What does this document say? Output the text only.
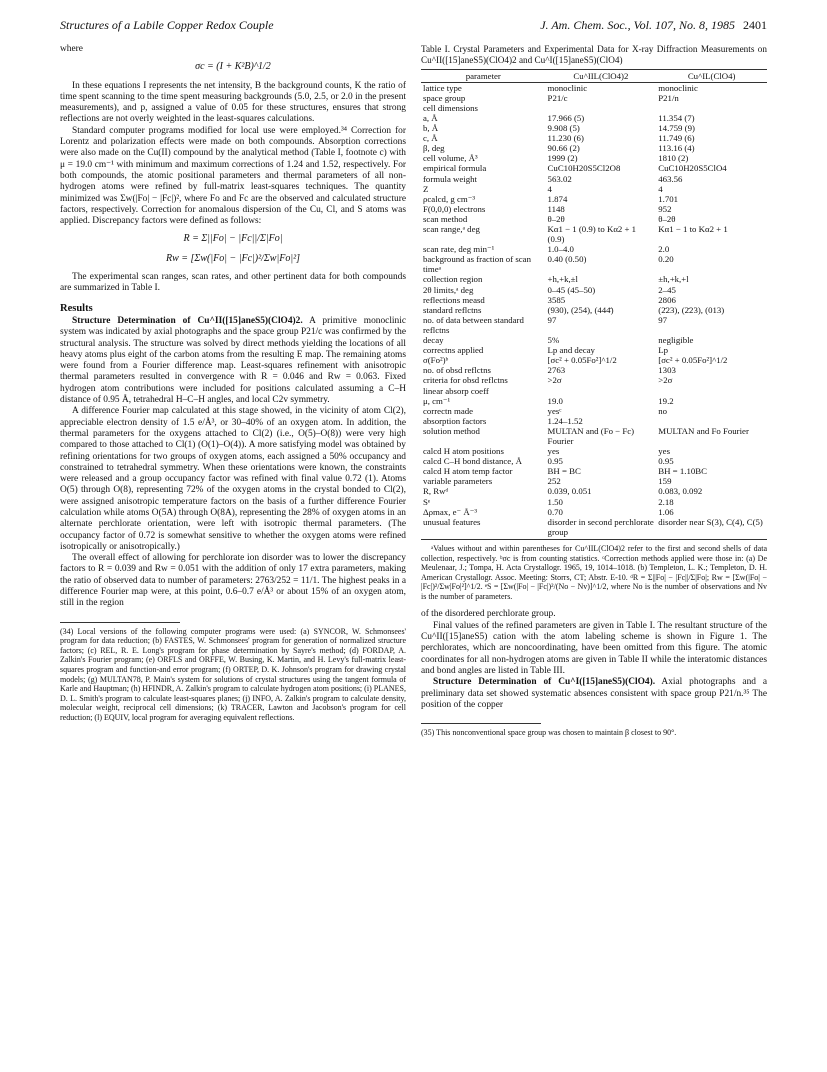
Structures of a Labile Copper Redox Couple	J. Am. Chem. Soc., Vol. 107, No. 8, 1985 2401

where

σc = (I + K²B)^1/2

In these equations I represents the net intensity, B the background counts, K the ratio of time spent scanning to the time spent measuring backgrounds (5.0, 2.5, or 2.0 in the present measurements), and p, assigned a value of 0.05 for these structures, ensures that strong reflections are not overly weighted in the least-squares calculations.

Standard computer programs modified for local use were employed.³⁴ Correction for Lorentz and polarization effects were made on both compounds. Absorption corrections were also made on the Cu(II) compound by the analytical method (Table I, footnote c) with μ = 19.0 cm⁻¹ with minimum and maximum corrections of 1.24 and 1.52, respectively. For both compounds, the atomic positional parameters and thermal parameters of all non-hydrogen atoms were refined by full-matrix least-squares techniques. The quantity minimized was Σw(|Fo| − |Fc|)², where Fo and Fc are the observed and calculated structure factors, respectively. Correction for anomalous dispersion of the Cu, Cl, and S atoms was applied. Discrepancy factors were defined as follows:

R = Σ||Fo| − |Fc||/Σ|Fo|
Rw = [Σw(|Fo| − |Fc|)²/Σw|Fo|²]

The experimental scan ranges, scan rates, and other pertinent data for both compounds are summarized in Table I.

Results

Structure Determination of Cu^II([15]aneS5)(ClO4)2. A primitive monoclinic system was indicated by axial photographs and the space group P21/c was confirmed by the structural analysis. The structure was solved by direct methods yielding the locations of all heavy atoms plus eight of the carbon atoms from the resulting E map. The remaining atoms were found from a Fourier difference map. Least-squares refinement with anisotropic thermal parameters resulted in convergence with R = 0.046 and Rw = 0.063. Fixed hydrogen atom contributions were included for positions calculated assuming a C–H distance of 0.95 Å, tetrahedral H–C–H angles, and local C2v symmetry.

A difference Fourier map calculated at this stage showed, in the vicinity of atom Cl(2), appreciable electron density of 1.5 e/Å³, or 30–40% of an oxygen atom. In addition, the thermal parameters for the oxygens attached to Cl(2) (i.e., O(5)–O(8)) were very high compared to those attached to Cl(1) (O(1)–O(4)). A more satisfying model was obtained by refining orientations for two groups of oxygen atoms, each assigned a 50% occupancy and constrained to tetrahedral symmetry. When these orientations were known, the constraints were released and a group occupancy factor was refined with final value 0.72 (1). Atoms O(5) through O(8), representing 72% of the oxygen atoms in the crystal bonded to Cl(2), were assigned anisotropic temperature factors on the basis of a further difference Fourier calculation while atoms O(5A) through O(8A), representing the 28% of oxygen atoms in an alternate perchlorate orientation, were left with isotropic thermal parameters. (The occupancy factor of 0.72 is somewhat sensitive to whether the oxygen atoms were refined isotropically or anisotropically.)

The overall effect of allowing for perchlorate ion disorder was to lower the discrepancy factors to R = 0.039 and Rw = 0.051 with the addition of only 17 extra parameters, making the ratio of observed data to number of parameters: 2763/252 = 11/1. The highest peaks in a difference Fourier map were, at this point, 0.6–0.7 e/Å³ or about 15% of an oxygen atom, still in the region

(34) Local versions of the following computer programs were used: (a) SYNCOR, W. Schmonsees' program for data reduction; (b) FASTES, W. Schmonsees' program for generation of normalized structure factors; (c) REL, R. E. Long's program for phase determination by Sayre's method; (d) FORDAP, A. Zalkin's Fourier program; (e) ORFLS and ORFFE, W. Busing, K. Martin, and H. Levy's full-matrix least-squares program and function-and error program; (f) ORTEP, D. K. Johnson's program for drawing crystal models; (g) MULTAN78, P. Main's system for solutions of crystal structures using the tangent formula of Karle and Hauptman; (h) HFINDR, A. Zalkin's program to calculate hydrogen atom positions; (i) PLANES, D. L. Smith's program to calculate least-squares planes; (j) INFO, A. Zalkin's program to calculate density, molecular weight, reciprocal cell dimensions; (k) TRACER, Lawton and Jacobson's program for cell reduction; (l) EQUIV, local program for averaging equivalent reflections.
Table I. Crystal Parameters and Experimental Data for X-ray Diffraction Measurements on Cu^II([15]aneS5)(ClO4)2 and Cu^I([15]aneS5)(ClO4)
parameter	Cu^IIL(ClO4)2	Cu^IL(ClO4)
lattice type	monoclinic	monoclinic
space group	P21/c	P21/n
cell dimensions		
a, Å	17.966 (5)	11.354 (7)
b, Å	9.908 (5)	14.759 (9)
c, Å	11.230 (6)	11.749 (6)
β, deg	90.66 (2)	113.16 (4)
cell volume, Å³	1999 (2)	1810 (2)
empirical formula	CuC10H20S5Cl2O8	CuC10H20S5ClO4
formula weight	563.02	463.56
Z	4	4
ρcalcd, g cm⁻³	1.874	1.701
F(0,0,0) electrons	1148	952
scan method	θ–2θ	θ–2θ
scan range,ᵃ deg	Kα1 − 1 (0.9) to Kα2 + 1 (0.9)	Kα1 − 1 to Kα2 + 1
scan rate, deg min⁻¹	1.0–4.0	2.0
background as fraction of scan timeᵃ	0.40 (0.50)	0.20
collection region	+h,+k,±l	±h,+k,+l
2θ limits,ᵃ deg	0–45 (45–50)	2–45
reflections measd	3585	2806
standard reflctns	(930), (254), (444̄)	(2̄23), (2̄23), (013)
no. of data between standard reflctns	97	97
decay	5%	negligible
correctns applied	Lp and decay	Lp
σ(Fo²)ᵇ	[σc² + 0.05Fo²]^1/2	[σc² + 0.05Fo²]^1/2
no. of obsd reflctns	2763	1303
criteria for obsd reflctns	>2σ	>2σ
linear absorp coeff		
μ, cm⁻¹	19.0	19.2
correctn made	yesᶜ	no
absorption factors	1.24–1.52	
solution method	MULTAN and (Fo − Fc) Fourier	MULTAN and Fo Fourier
calcd H atom positions	yes	yes
calcd C–H bond distance, Å	0.95	0.95
calcd H atom temp factor	BH = BC	BH = 1.10BC
variable parameters	252	159
R, Rwᵈ	0.039, 0.051	0.083, 0.092
Sᵉ	1.50	2.18
Δρmax, e⁻ Å⁻³	0.70	1.06
unusual features	disorder in second perchlorate group	disorder near S(3), C(4), C(5)
ᵃValues without and within parentheses for Cu^IIL(ClO4)2 refer to the first and second shells of data collection, respectively. ᵇσc is from counting statistics. ᶜCorrection methods applied were those in: (a) De Meulenaar, J.; Tompa, H. Acta Crystallogr. 1965, 19, 1014–1018. (b) Templeton, L. K.; Templeton, D. H. American Crystallogr. Assoc. Meeting: Storrs, CT; Abstr. E-10. ᵈR = Σ||Fo| − |Fc||/Σ|Fo|; Rw = [Σw(|Fo| − |Fc|)²/Σw|Fo|²]^1/2. ᵉS = [Σw(|Fo| − |Fc|)²/(No − Nv)]^1/2, where No is the number of observations and Nv is the number of parameters.

of the disordered perchlorate group.

Final values of the refined parameters are given in Table I. The resultant structure of the Cu^II([15]aneS5) cation with the atom labeling scheme is shown in Figure 1. The perchlorates, which are noncoordinating, have been omitted from this figure. The atomic coordinates for all non-hydrogen atoms are given in Table II while the interatomic distances and bond angles are listed in Table III.

Structure Determination of Cu^I([15]aneS5)(ClO4). Axial photographs and a preliminary data set showed systematic absences consistent with space group P21/n.³⁵ The position of the copper

(35) This nonconventional space group was chosen to maintain β closest to 90°.
